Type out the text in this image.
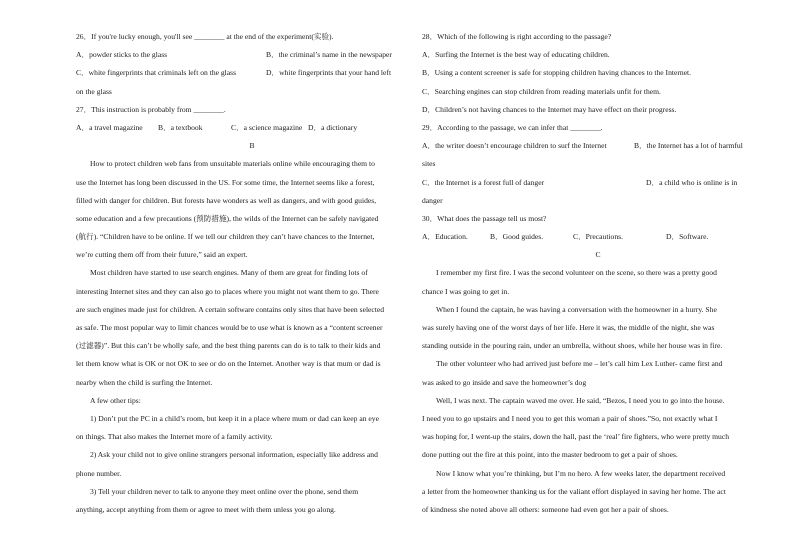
26．If you're lucky enough, you'll see ________ at the end of the experiment(实验).
A．powder sticks to the glass	B．the criminal’s name in the newspaper
C．white fingerprints that criminals left on the glass	D．white fingerprints that your hand left
on the glass
27．This instruction is probably from ________.
A．a travel magazine	B．a textbook	C．a science magazine D．a dictionary
B
How to protect children web fans from unsuitable materials online while encouraging them to
use the Internet has long been discussed in the US. For some time, the Internet seems like a forest,
filled with danger for children. But forests have wonders as well as dangers, and with good guides,
some education and a few precautions (预防措施), the wilds of the Internet can be safely navigated
(航行). “Children have to be online. If we tell our children they can’t have chances to the Internet,
we’re cutting them off from their future,” said an expert.
Most children have started to use search engines. Many of them are great for finding lots of
interesting Internet sites and they can also go to places where you might not want them to go. There
are such engines made just for children. A certain software contains only sites that have been selected
as safe. The most popular way to limit chances would be to use what is known as a “content screener
(过滤器)”. But this can’t be wholly safe, and the best thing parents can do is to talk to their kids and
let them know what is OK or not OK to see or do on the Internet. Another way is that mum or dad is
nearby when the child is surfing the Internet.
A few other tips:
1) Don’t put the PC in a child’s room, but keep it in a place where mum or dad can keep an eye
on things. That also makes the Internet more of a family activity.
2) Ask your child not to give online strangers personal information, especially like address and
phone number.
3) Tell your children never to talk to anyone they meet online over the phone, send them
anything, accept anything from them or agree to meet with them unless you go along.
28．Which of the following is right according to the passage?
A．Surfing the Internet is the best way of educating children.
B．Using a content screener is safe for stopping children having chances to the Internet.
C．Searching engines can stop children from reading materials unfit for them.
D．Children’s not having chances to the Internet may have effect on their progress.
29．According to the passage, we can infer that ________.
A．the writer doesn’t encourage children to surf the Internet	B．the Internet has a lot of harmful
sites
C．the Internet is a forest full of danger	D．a child who is online is in
danger
30．What does the passage tell us most?
A．Education.	B．Good guides.	C．Precautions.	D．Software.
C
I remember my first fire. I was the second volunteer on the scene, so there was a pretty good
chance I was going to get in.
When I found the captain, he was having a conversation with the homeowner in a hurry. She
was surely having one of the worst days of her life. Here it was, the middle of the night, she was
standing outside in the pouring rain, under an umbrella, without shoes, while her house was in fire.
The other volunteer who had arrived just before me – let’s call him Lex Luther- came first and
was asked to go inside and save the homeowner’s dog
Well, I was next. The captain waved me over. He said, “Bezos, I need you to go into the house.
I need you to go upstairs and I need you to get this woman a pair of shoes.”So, not exactly what I
was hoping for, I went-up the stairs, down the hall, past the ‘real’ fire fighters, who were pretty much
done putting out the fire at this point, into the master bedroom to get a pair of shoes.
Now I know what you’re thinking, but I’m no hero. A few weeks later, the department received
a letter from the homeowner thanking us for the valiant effort displayed in saving her home. The act
of kindness she noted above all others: someone had even got her a pair of shoes.
